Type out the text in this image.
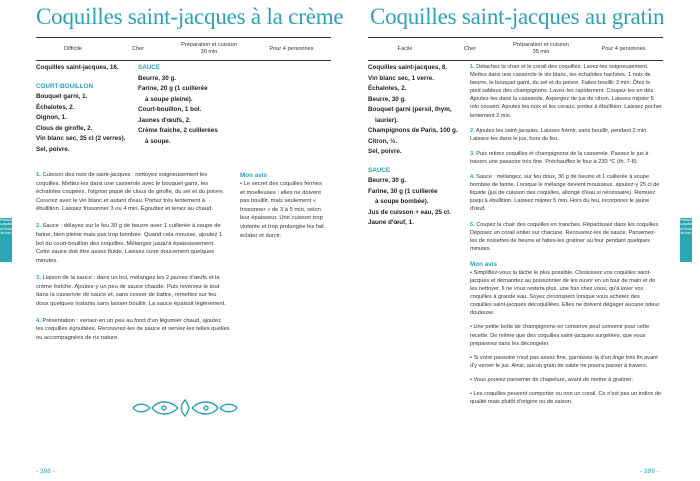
Coquilles saint-jacques à la crème
Difficile	Cher
Préparation et cuisson
30 min
Pour 4 personnes
Coquilles saint-jacques, 16.
COURT-BOUILLON
Bouquet garni, 1.
Échalotes, 2.
Oignon, 1.
Clous de girofle, 2.
Vin blanc sec, 35 cl (2 verres).
Sel, poivre.
SAUCE
Beurre, 30 g.
Farine, 20 g (1 cuillerée
à soupe pleine).
Court-bouillon, 1 bol.
Jaunes d'œufs, 2.
Crème fraîche, 2 cuillerées
à soupe.

1. Cuisson des noix de saint-jacques : nettoyez soigneusement les coquilles. Mettez-les dans une casserole avec le bouquet garni, les échalotes coupées, l'oignon piqué de clous de girofle, du sel et du poivre. Couvrez avec le vin blanc et autant d'eau. Portez très lentement à ébullition. Laissez frissonner 3 ou 4 min. Égouttez et tenez au chaud.

2. Sauce : délayez sur le feu 30 g de beurre avec 1 cuillerée à soupe de farine, bien pleine mais pas trop bombée. Quand cela mousse, ajoutez 1 bol du court-bouillon des coquilles. Mélangez jusqu'à épaississement. Cette sauce doit être assez fluide. Laissez cuire doucement quelques minutes.

3. Liaison de la sauce : dans un bol, mélangez les 2 jaunes d'œufs et la crème fraîche. Ajoutez-y un peu de sauce chaude. Puis reversez le tout dans la casserole de sauce et, sans cesser de battre, remettez sur feu doux quelques instants sans laisser bouillir. La sauce épaissit légèrement.

4. Présentation : versez-en un peu au fond d'un légumier chaud, ajoutez les coquilles égouttées. Recouvrez-les de sauce et servez-les telles quelles ou accompagnées de riz nature.

Mon avis
• Le secret des coquilles fermes et moelleuses : elles ne doivent pas bouillir, mais seulement « frissonner » de 3 à 5 min, selon leur épaisseur. Une cuisson trop violente et trop prolongée les fait éclater et durcir.
Poissons, coquillages et fruits de mer
- 398 -
Coquilles saint-jacques au gratin
Facile	Cher
Préparation et cuisson
35 min
Pour 4 personnes
Coquilles saint-jacques, 8.
Vin blanc sec, 1 verre.
Échalotes, 2.
Beurre, 30 g.
Bouquet garni (persil, thym,
laurier).
Champignons de Paris, 100 g.
Citron, ½.
Sel, poivre.
SAUCE
Beurre, 30 g.
Farine, 30 g (1 cuillerée
à soupe bombée).
Jus de cuisson + eau, 25 cl.
Jaune d'œuf, 1.

1. Détachez la chair et le corail des coquilles. Lavez-les soigneusement. Mettez dans une casserole le vin blanc, les échalotes hachées, 1 noix de beurre, le bouquet garni, du sel et du poivre. Faites bouillir 3 min. Ôtez le pied sableux des champignons. Lavez-les rapidement. Coupez-les en dés. Ajoutez-les dans la casserole. Aspergez de jus de citron. Laissez mijoter 5 min couvert. Ajoutez les noix et les coraux, portez à ébullition. Laissez pocher lentement 2 min.

2. Ajoutez les saint-jacques. Laissez frémir, sans bouillir, pendant 2 min. Laissez-les dans le jus, hors du feu.

3. Puis retirez coquilles et champignons de la casserole. Passez le jus à travers une passoire très fine. Préchauffez le four à 230 °C (th. 7-8).

4. Sauce : mélangez, sur feu doux, 30 g de beurre et 1 cuillerée à soupe bombée de farine. Lorsque le mélange devient mousseux, ajoutez-y 25 cl de liquide (jus de cuisson des coquilles, allongé d'eau si nécessaire). Remuez jusqu'à ébullition. Laissez mijoter 5 min. Hors du feu, incorporez le jaune d'œuf.

5. Coupez la chair des coquilles en tranches. Répartissez dans les coquilles. Déposez un corail entier sur chacune. Recouvrez-les de sauce. Parsemez-les de noisettes de beurre et faites-les gratiner au four pendant quelques minutes.

Mon avis

• Simplifiez-vous la tâche le plus possible. Choisissez vos coquilles saint-jacques et demandez au poissonnier de les ouvrir en un tour de main et de les nettoyer. Il ne vous restera plus, une fois chez vous, qu'à laver vos coquilles à grande eau. Soyez circonspect lorsque vous achetez des coquilles saint-jacques décoquillées. Elles ne doivent dégager aucune odeur douteuse.

• Une petite boîte de champignons en conserve peut convenir pour cette recette. De même que des coquilles saint-jacques surgelées, que vous préparerez sans les décongeler.

• Si votre passoire n'est pas assez fine, garnissez-la d'un linge très fin avant d'y verser le jus. Ainsi, aucun grain de sable ne pourra passer à travers.

• Vous pouvez parsemer de chapelure, avant de mettre à gratiner.

• Les coquilles peuvent comporter ou non un corail. Ce n'est pas un indice de qualité mais plutôt d'origine ou de saison.

Poissons, coquillages et fruits de mer
- 399 -
